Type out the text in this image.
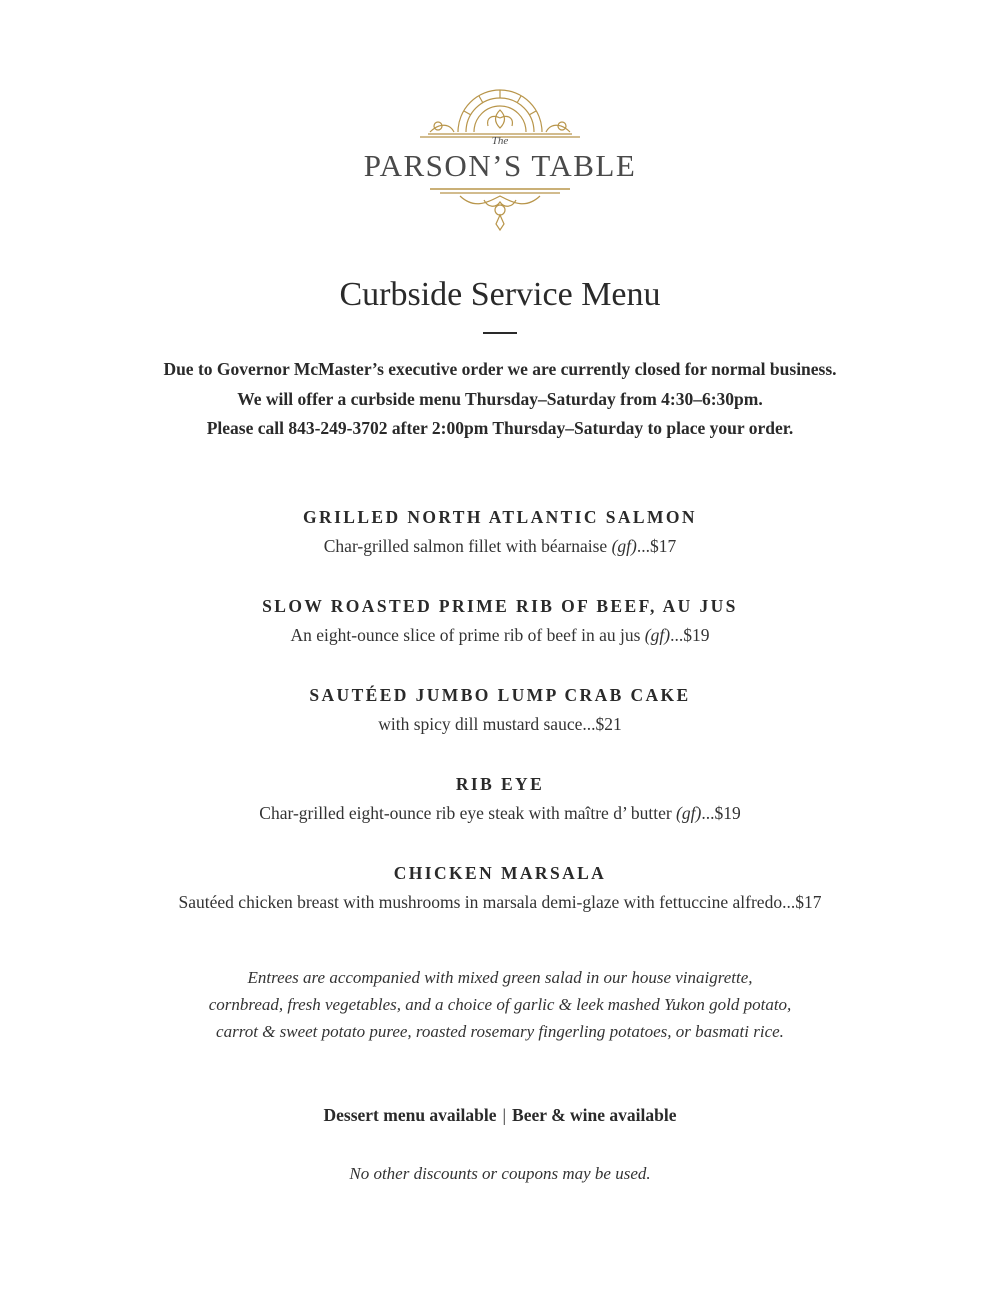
The
PARSON’S TABLE
Curbside Service Menu
Due to Governor McMaster’s executive order we are currently closed for normal business.
We will offer a curbside menu Thursday–Saturday from 4:30–6:30pm.
Please call 843-249-3702 after 2:00pm Thursday–Saturday to place your order.
GRILLED NORTH ATLANTIC SALMON
Char-grilled salmon fillet with béarnaise (gf)...$17
SLOW ROASTED PRIME RIB OF BEEF, AU JUS
An eight-ounce slice of prime rib of beef in au jus (gf)...$19
SAUTÉED JUMBO LUMP CRAB CAKE
with spicy dill mustard sauce...$21
RIB EYE
Char-grilled eight-ounce rib eye steak with maître d’ butter (gf)...$19
CHICKEN MARSALA
Sautéed chicken breast with mushrooms in marsala demi-glaze with fettuccine alfredo...$17
Entrees are accompanied with mixed green salad in our house vinaigrette,
cornbread, fresh vegetables, and a choice of garlic & leek mashed Yukon gold potato,
carrot & sweet potato puree, roasted rosemary fingerling potatoes, or basmati rice.
Dessert menu available | Beer & wine available
No other discounts or coupons may be used.
